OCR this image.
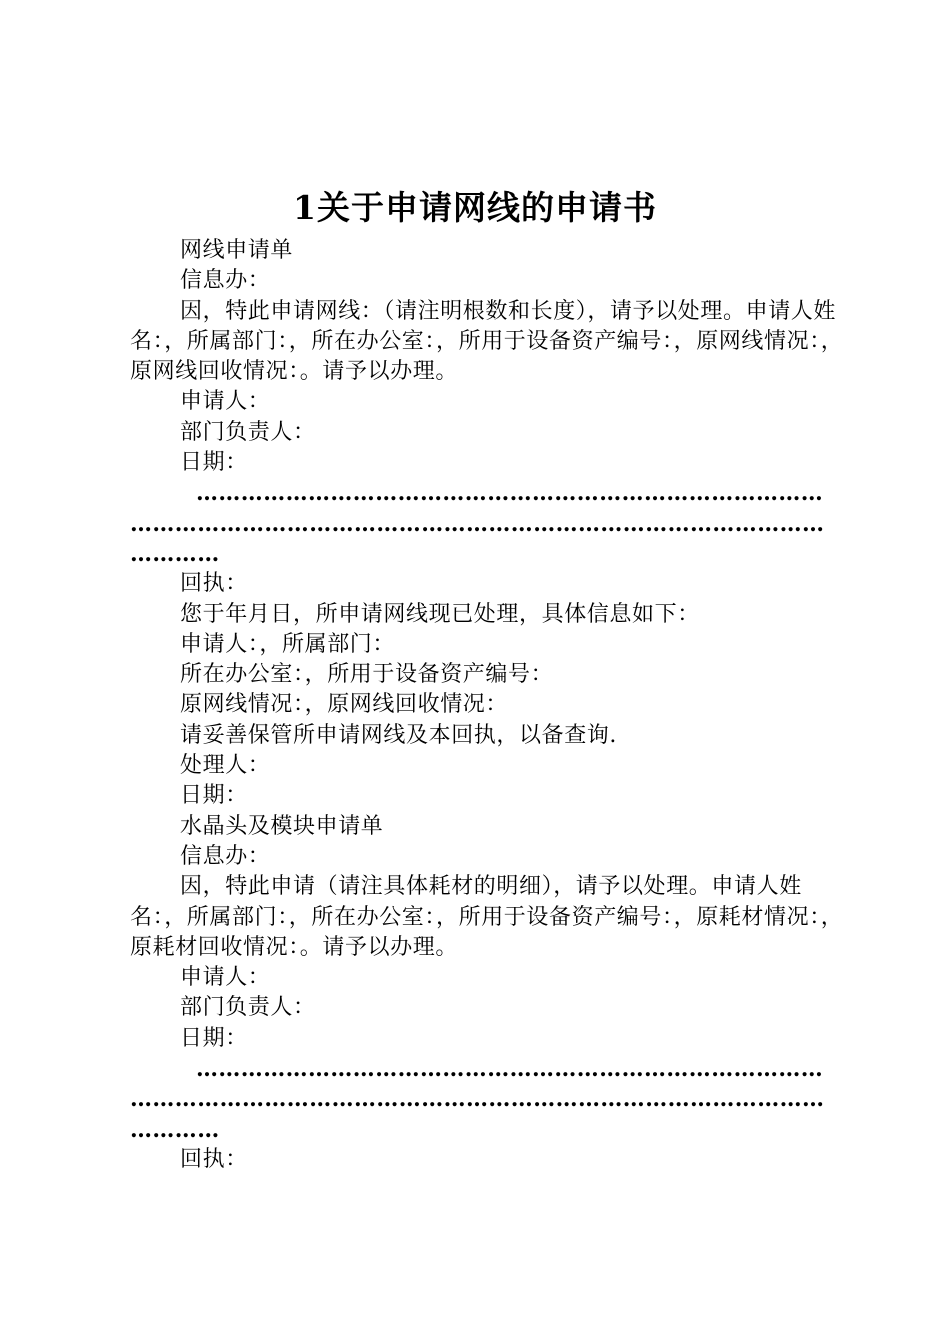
1关于申请网线的申请书

网线申请单

信息办：

因，特此申请网线：（请注明根数和长度），请予以处理。申请人姓名：，所属部门：，所在办公室：，所用于设备资产编号：，原网线情况：，原网线回收情况：。请予以办理。

申请人：

部门负责人：

日期：

………………………………………………………………………………………………………………………………………………………………………

回执：

您于年月日，所申请网线现已处理，具体信息如下：

申请人：，所属部门：

所在办公室：，所用于设备资产编号：

原网线情况：，原网线回收情况：

请妥善保管所申请网线及本回执，以备查询.

处理人：

日期：

水晶头及模块申请单

信息办：

因，特此申请（请注具体耗材的明细），请予以处理。申请人姓名：，所属部门：，所在办公室：，所用于设备资产编号：，原耗材情况：，原耗材回收情况：。请予以办理。

申请人：

部门负责人：

日期：

………………………………………………………………………………………………………………………………………………………………………

回执：
